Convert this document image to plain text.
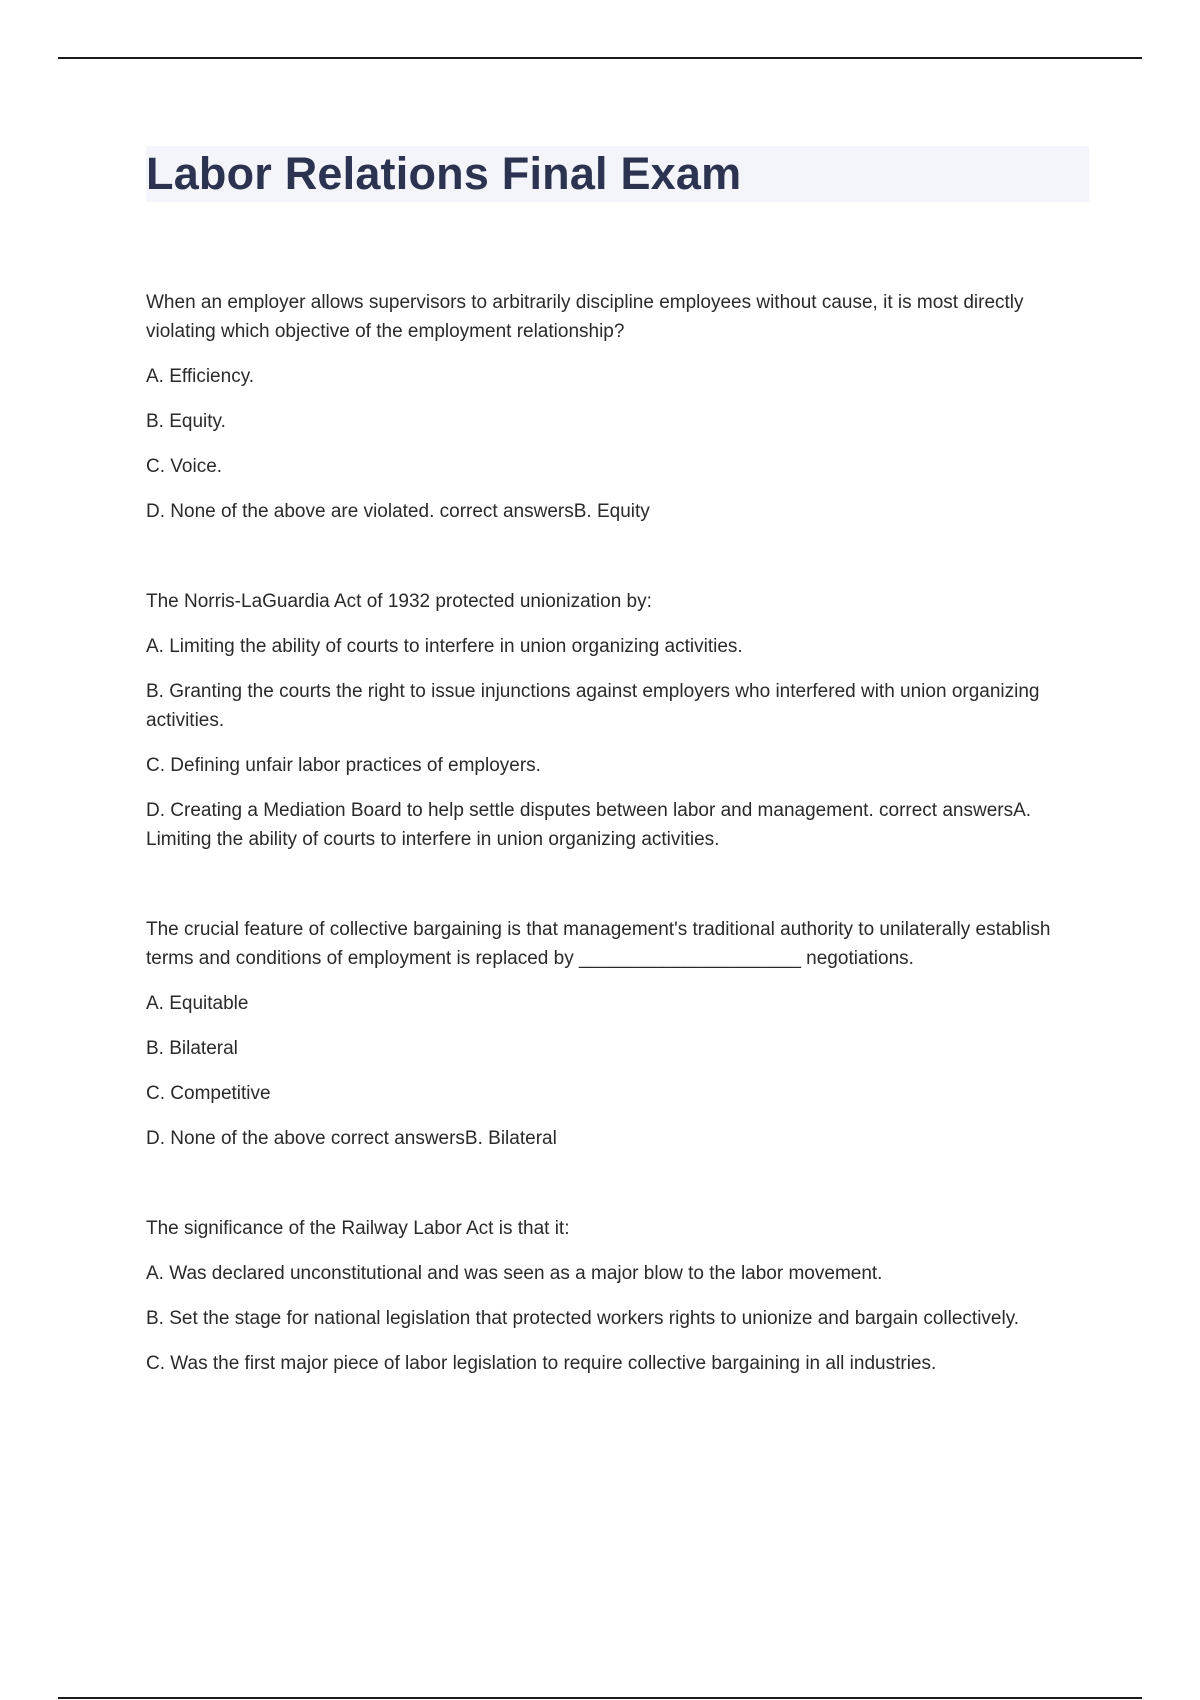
Labor Relations Final Exam

When an employer allows supervisors to arbitrarily discipline employees without cause, it is most directly violating which objective of the employment relationship?

A. Efficiency.

B. Equity.

C. Voice.

D. None of the above are violated. correct answersB. Equity

The Norris-LaGuardia Act of 1932 protected unionization by:

A. Limiting the ability of courts to interfere in union organizing activities.

B. Granting the courts the right to issue injunctions against employers who interfered with union organizing activities.

C. Defining unfair labor practices of employers.

D. Creating a Mediation Board to help settle disputes between labor and management. correct answersA. Limiting the ability of courts to interfere in union organizing activities.

The crucial feature of collective bargaining is that management's traditional authority to unilaterally establish terms and conditions of employment is replaced by _____________________ negotiations.

A. Equitable

B. Bilateral

C. Competitive

D. None of the above correct answersB. Bilateral

The significance of the Railway Labor Act is that it:

A. Was declared unconstitutional and was seen as a major blow to the labor movement.

B. Set the stage for national legislation that protected workers rights to unionize and bargain collectively.

C. Was the first major piece of labor legislation to require collective bargaining in all industries.
